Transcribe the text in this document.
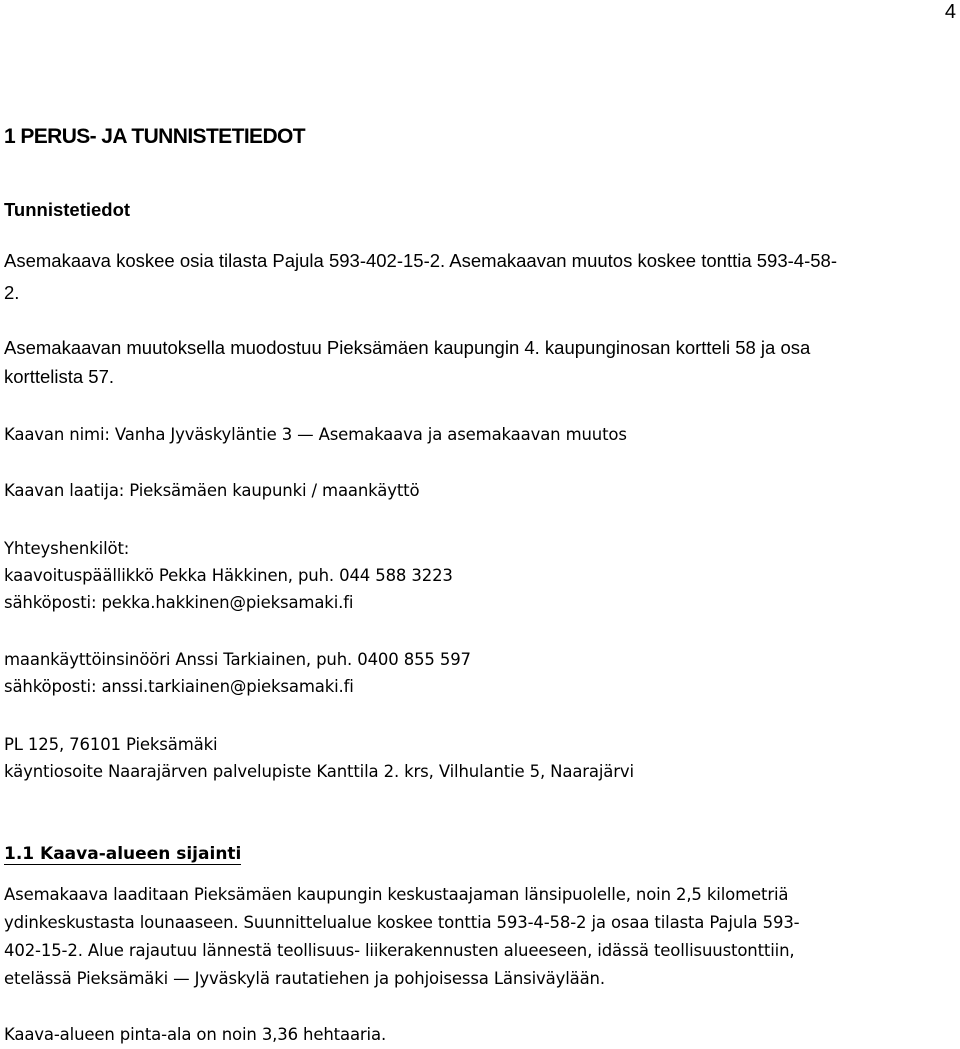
4
1 PERUS- JA TUNNISTETIEDOT
Tunnistetiedot
Asemakaava koskee osia tilasta Pajula 593-402-15-2. Asemakaavan muutos koskee tonttia 593-4-58-
2.
Asemakaavan muutoksella muodostuu Pieksämäen kaupungin 4. kaupunginosan kortteli 58 ja osa
korttelista 57.
Kaavan nimi: Vanha Jyväskyläntie 3 — Asemakaava ja asemakaavan muutos
Kaavan laatija: Pieksämäen kaupunki / maankäyttö
Yhteyshenkilöt:
kaavoituspäällikkö Pekka Häkkinen, puh. 044 588 3223
sähköposti: pekka.hakkinen@pieksamaki.fi
maankäyttöinsinööri Anssi Tarkiainen, puh. 0400 855 597
sähköposti: anssi.tarkiainen@pieksamaki.fi
PL 125, 76101 Pieksämäki
käyntiosoite Naarajärven palvelupiste Kanttila 2. krs, Vilhulantie 5, Naarajärvi
1.1 Kaava-alueen sijainti
Asemakaava laaditaan Pieksämäen kaupungin keskustaajaman länsipuolelle, noin 2,5 kilometriä
ydinkeskustasta lounaaseen. Suunnittelualue koskee tonttia 593-4-58-2 ja osaa tilasta Pajula 593-
402-15-2. Alue rajautuu lännestä teollisuus- liikerakennusten alueeseen, idässä teollisuustonttiin,
etelässä Pieksämäki — Jyväskylä rautatiehen ja pohjoisessa Länsiväylään.
Kaava-alueen pinta-ala on noin 3,36 hehtaaria.
